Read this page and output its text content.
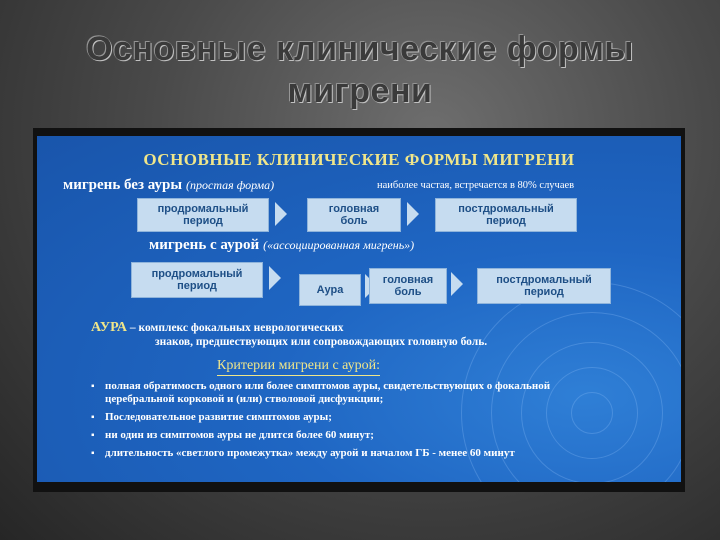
Основные клинические формы
мигрени
ОСНОВНЫЕ КЛИНИЧЕСКИЕ ФОРМЫ МИГРЕНИ
мигрень без ауры (простая форма)	наиболее частая, встречается в 80% случаев
продромальный
период
головная
боль
постдромальный
период
мигрень с аурой («ассоциированная мигрень»)
продромальный
период	Аура
головная
боль
постдромальный
период
АУРА – комплекс фокальных неврологических
знаков, предшествующих или сопровождающих головную боль.
Критерии мигрени с аурой:
▪ полная обратимость одного или более симптомов ауры, свидетельствующих о фокальной церебральной корковой и (или) стволовой дисфункции;
▪ Последовательное развитие симптомов ауры;
▪ ни один из симптомов ауры не длится более 60 минут;
▪ длительность «светлого промежутка» между аурой и началом ГБ - менее 60 минут
